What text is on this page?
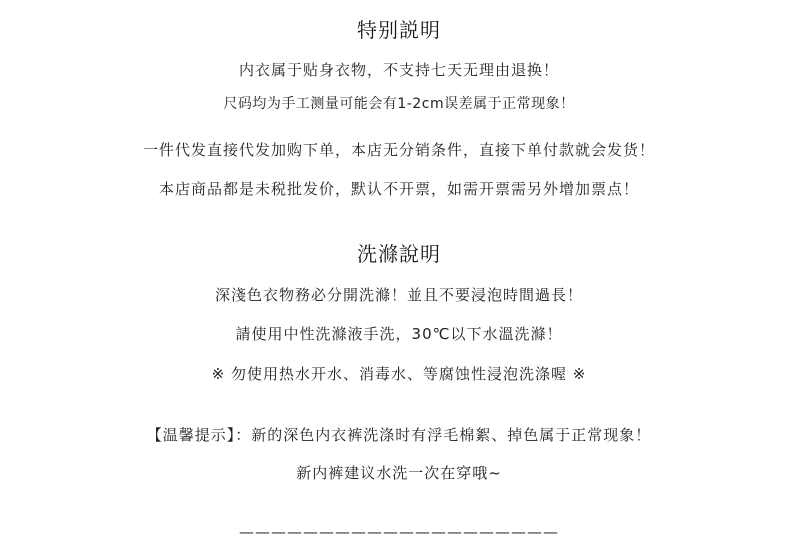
特别説明
内衣属于贴身衣物，不支持七天无理由退换！
尺码均为手工测量可能会有1-2cm误差属于正常现象！
一件代发直接代发加购下单，本店无分销条件，直接下单付款就会发货！
本店商品都是未税批发价，默认不开票，如需开票需另外增加票点！
洗滌說明
深淺色衣物務必分開洗滌！並且不要浸泡時間過長！
請使用中性洗滌液手洗，30℃以下水溫洗滌！
※ 勿使用热水开水、消毒水、等腐蚀性浸泡洗涤喔 ※
【温馨提示】：新的深色内衣裤洗涤时有浮毛棉絮、掉色属于正常现象！
新内裤建议水洗一次在穿哦~
————————————————————
